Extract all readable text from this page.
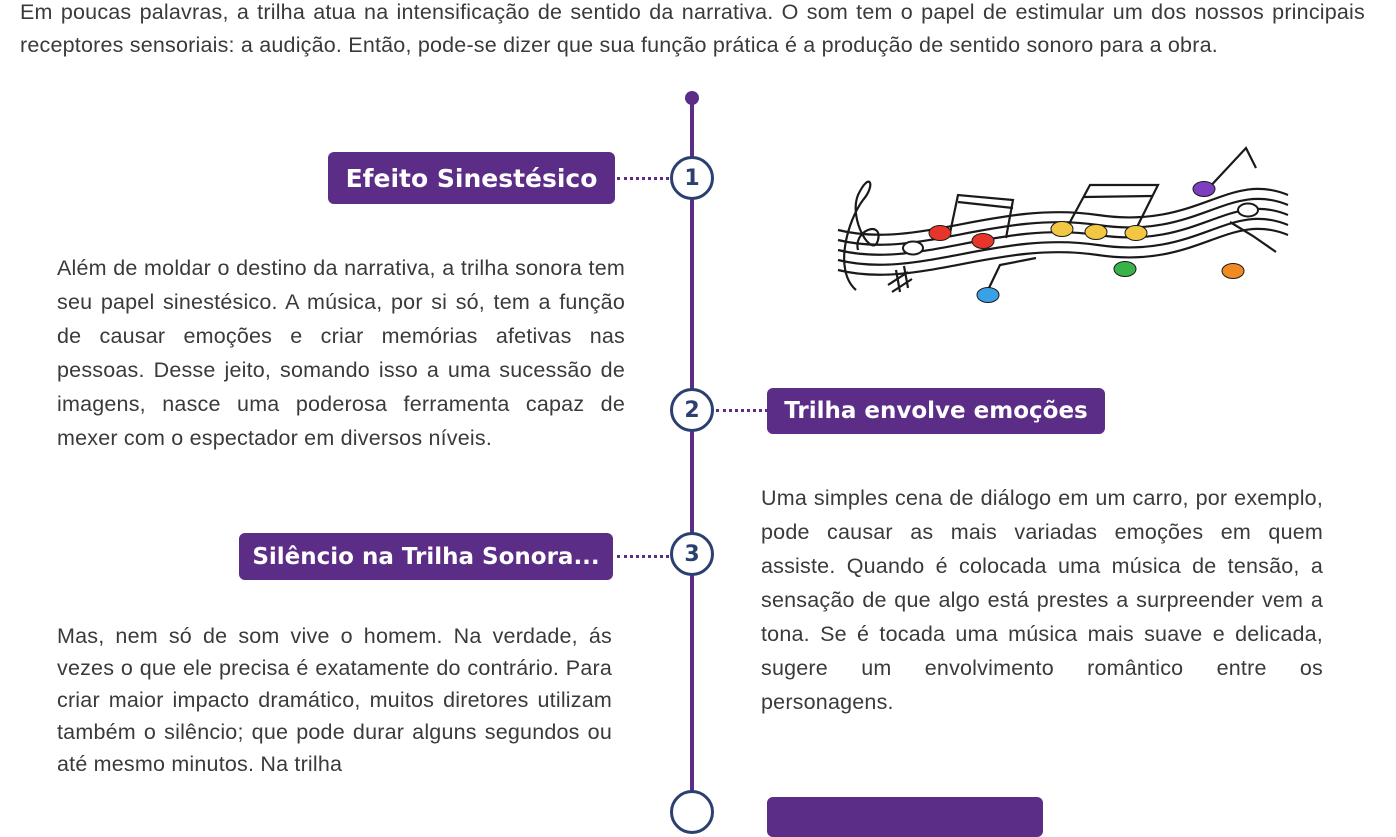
Em poucas palavras, a trilha atua na intensificação de sentido da narrativa. O som tem o papel de estimular um dos nossos principais receptores sensoriais: a audição. Então, pode-se dizer que sua função prática é a produção de sentido sonoro para a obra.

Efeito Sinestésico	1

Além de moldar o destino da narrativa, a trilha sonora tem seu papel sinestésico. A música, por si só, tem a função de causar emoções e criar memórias afetivas nas pessoas. Desse jeito, somando isso a uma sucessão de imagens, nasce uma poderosa ferramenta capaz de mexer com o espectador em diversos níveis.

2	Trilha envolve emoções

Uma simples cena de diálogo em um carro, por exemplo, pode causar as mais variadas emoções em quem assiste. Quando é colocada uma música de tensão, a sensação de que algo está prestes a surpreender vem a tona. Se é tocada uma música mais suave e delicada, sugere um envolvimento romântico entre os personagens.

Silêncio na Trilha Sonora...	3

Mas, nem só de som vive o homem. Na verdade, ás vezes o que ele precisa é exatamente do contrário. Para criar maior impacto dramático, muitos diretores utilizam também o silêncio; que pode durar alguns segundos ou até mesmo minutos. Na trilha
